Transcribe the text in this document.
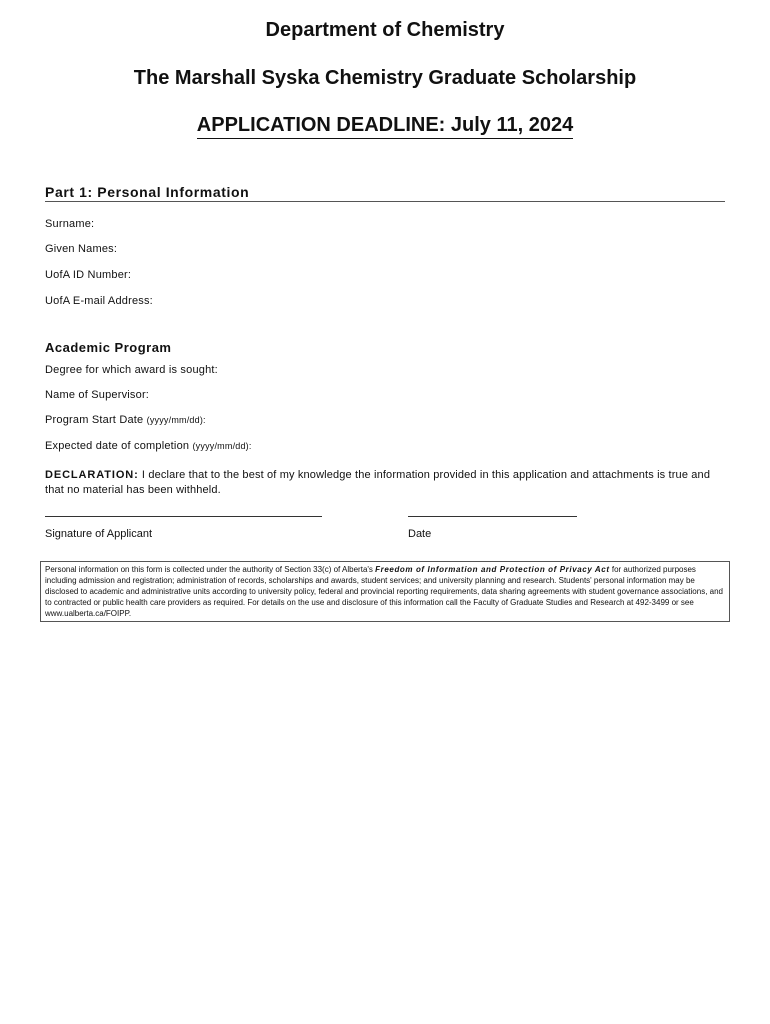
Department of Chemistry
The Marshall Syska Chemistry Graduate Scholarship
APPLICATION DEADLINE: July 11, 2024
Part 1: Personal Information
Surname:
Given Names:
UofA ID Number:
UofA E-mail Address:
Academic Program
Degree for which award is sought:
Name of Supervisor:
Program Start Date (yyyy/mm/dd):
Expected date of completion (yyyy/mm/dd):
DECLARATION: I declare that to the best of my knowledge the information provided in this application and attachments is true and that no material has been withheld.
Signature of Applicant	Date
Personal information on this form is collected under the authority of Section 33(c) of Alberta's Freedom of Information and Protection of Privacy Act for authorized purposes including admission and registration; administration of records, scholarships and awards, student services; and university planning and research. Students' personal information may be disclosed to academic and administrative units according to university policy, federal and provincial reporting requirements, data sharing agreements with student governance associations, and to contracted or public health care providers as required. For details on the use and disclosure of this information call the Faculty of Graduate Studies and Research at 492-3499 or see www.ualberta.ca/FOIPP.
